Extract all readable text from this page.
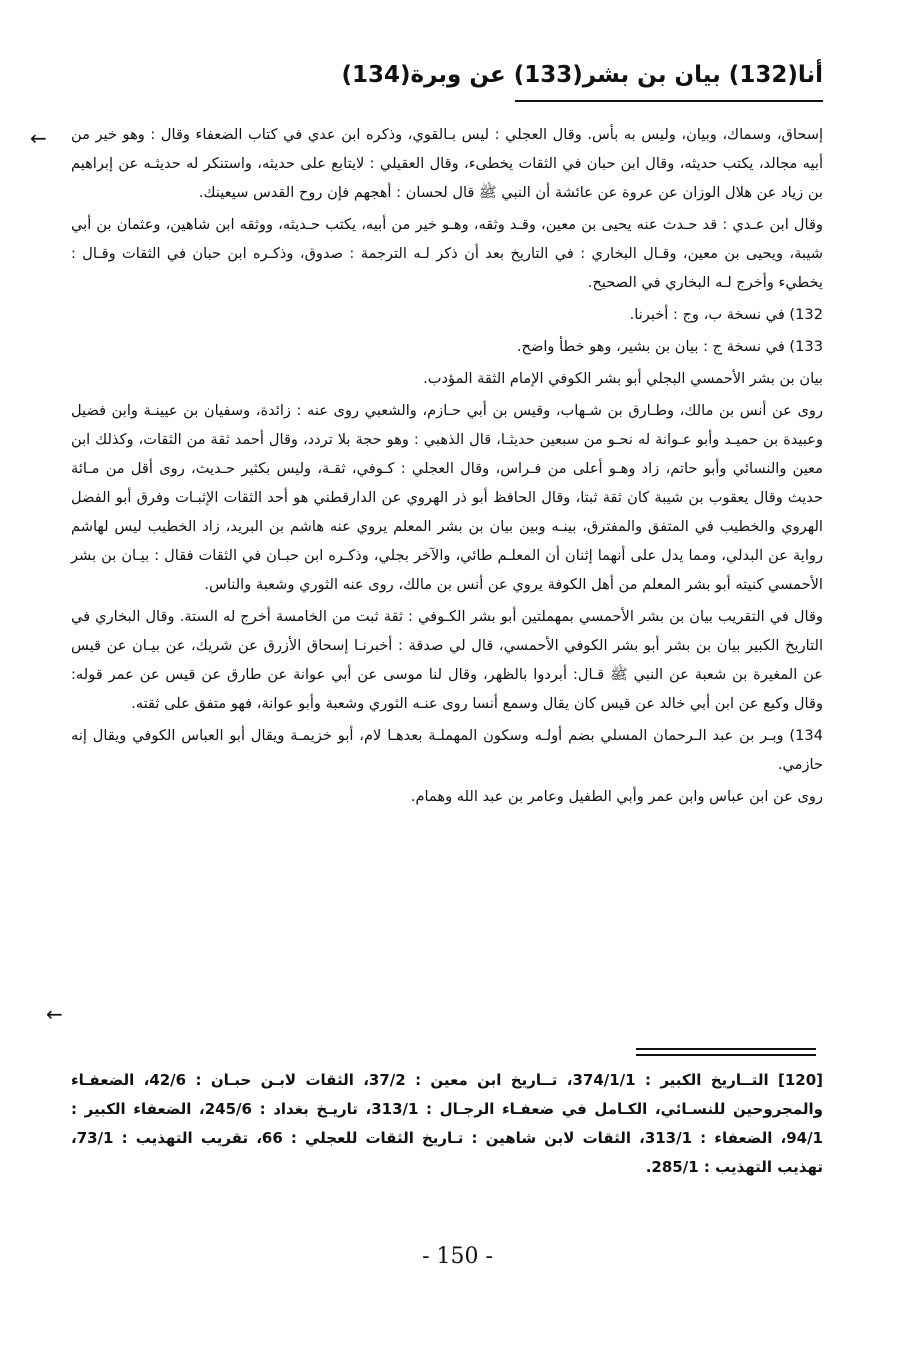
أنا(132) بيان بن بشر(133) عن وبرة(134)
← إسحاق، وسماك، وبيان، وليس به بأس. وقال العجلي : ليس بـالقوي، وذكره ابن عدي في كتاب الضعفاء وقال : وهو خير من أبيه مجالد، يكتب حديثه، وقال ابن حبان في الثقات يخطىء، وقال العقيلي : لايتابع على حديثه، واستنكر له حديثـه عن إبراهيم بن زياد عن هلال الوزان عن عروة عن عائشة أن النبي ﷺ قال لحسان : أهجهم فإن روح القدس سيعينك.

وقال ابن عـدي : قد حـدث عنه يحيى بن معين، وقـد وثقه، وهـو خير من أبيه، يكتب حـديثه، ووثقه ابن شاهين، وعثمان بن أبي شيبة، ويحيى بن معين، وقـال البخاري : في التاريخ بعد أن ذكر لـه الترجمة : صدوق، وذكـره ابن حبان في الثقات وقـال : يخطيء وأخرج لـه البخاري في الصحيح.

132) في نسخة ب، وج : أخبرنا.

133) في نسخة ج : بيان بن بشير، وهو خطأ واضح.

بيان بن بشر الأحمسي البجلي أبو بشر الكوفي الإمام الثقة المؤدب.

روى عن أنس بن مالك، وطـارق بن شـهاب، وقيس بن أبي حـازم، والشعبي روى عنه : زائدة، وسفيان بن عيينـة وابن فضيل وعبيدة بن حميـد وأبو عـوانة له نحـو من سبعين حديثـا، قال الذهبي : وهو حجة بلا تردد، وقال أحمد ثقة من الثقات، وكذلك ابن معين والنسائي وأبو حاتم، زاد وهـو أعلى من فـراس، وقال العجلي : كـوفي، ثقـة، وليس بكثير حـديث، روى أقل من مـائة حديث وقال يعقوب بن شيبة كان ثقة ثبتا، وقال الحافظ أبو ذر الهروي عن الدارقطني هو أحد الثقات الإثبـات وفرق أبو الفضل الهروي والخطيب في المتفق والمفترق، بينـه وبين بيان بن بشر المعلم يروي عنه هاشم بن البريد، زاد الخطيب ليس لهاشم رواية عن البدلي، ومما يدل على أنهما إثنان أن المعلـم طائي، والآخر بجلي، وذكـره ابن حبـان في الثقات فقال : بيـان بن بشر الأحمسي كنيته أبو بشر المعلم من أهل الكوفة يروي عن أنس بن مالك، روى عنه الثوري وشعبة والناس.

وقال في التقريب بيان بن بشر الأحمسي بمهملتين أبو بشر الكـوفي : ثقة ثبت من الخامسة أخرج له الستة. وقال البخاري في التاريخ الكبير بيان بن بشر أبو بشر الكوفي الأحمسي، قال لي صدقة : أخبرنـا إسحاق الأزرق عن شريك، عن بيـان عن قيس عن المغيرة بن شعبة عن النبي ﷺ قـال: أبردوا بالظهر، وقال لنا موسى عن أبي عوانة عن طارق عن قيس عن عمر قوله: وقال وكيع عن ابن أبي خالد عن قيس كان يقال وسمع أنسا روى عنـه الثوري وشعبة وأبو عوانة، فهو متفق على ثقته.

134) وبـر بن عبد الـرحمان المسلي بضم أولـه وسكون المهملـة بعدهـا لام، أبو خزيمـة ويقال أبو العباس الكوفي ويقال إنه حازمي.

روى عن ابن عباس وابن عمر وأبي الطفيل وعامر بن عبد الله وهمام.

←
[120] التــاريخ الكبير : 374/1/1، تــاريخ ابن معين : 37/2، الثقات لابـن حبـان : 42/6، الضعفـاء والمجروحين للنسـائي، الكـامل في ضعفـاء الرجـال : 313/1، تاريـخ بغداد : 245/6، الضعفاء الكبير : 94/1، الضعفاء : 313/1، الثقات لابن شاهين : تـاريخ الثقات للعجلي : 66، تقريب التهذيب : 73/1، تهذيب التهذيب : 285/1.
- 150 -
